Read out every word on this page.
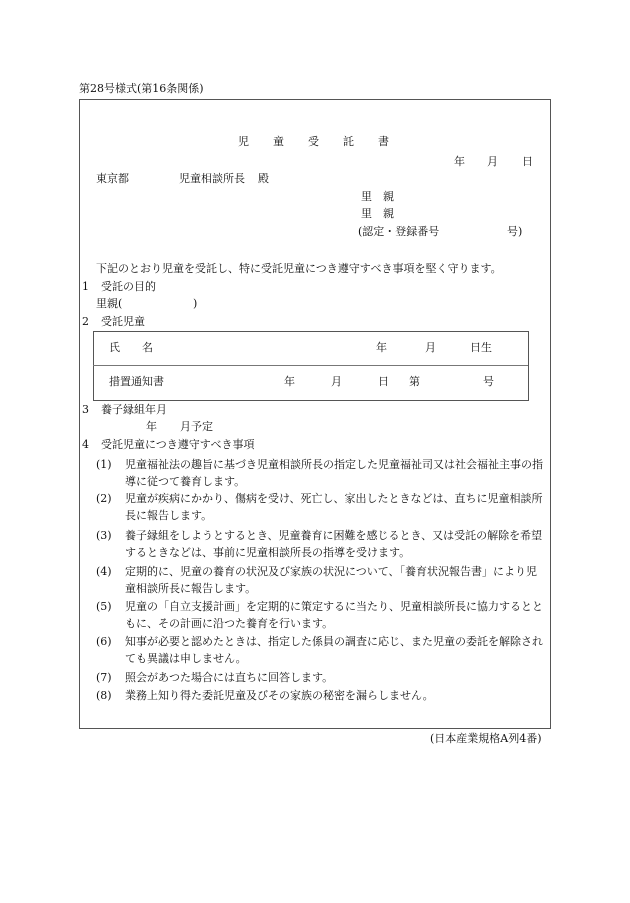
第28号様式(第16条関係)
児 童 受 託 書
年 月 日
東京都	児童相談所長 殿
里　親
里　親
(認定・登録番号	号)
下記のとおり児童を受託し、特に受託児童につき遵守すべき事項を堅く守ります。
1 受託の目的
里親(	)
2 受託児童
氏　　名	年	月	日生
措置通知書	年	月	日 第	号
3 養子縁組年月
年 月予定
4 受託児童につき遵守すべき事項
(1)	児童福祉法の趣旨に基づき児童相談所長の指定した児童福祉司又は社会福祉主事の指導に従つて養育します。
(2)	児童が疾病にかかり、傷病を受け、死亡し、家出したときなどは、直ちに児童相談所長に報告します。
(3)	養子縁組をしようとするとき、児童養育に困難を感じるとき、又は受託の解除を希望するときなどは、事前に児童相談所長の指導を受けます。
(4)	定期的に、児童の養育の状況及び家族の状況について、「養育状況報告書」により児童相談所長に報告します。
(5)	児童の「自立支援計画」を定期的に策定するに当たり、児童相談所長に協力するとともに、その計画に沿つた養育を行います。
(6)	知事が必要と認めたときは、指定した係員の調査に応じ、また児童の委託を解除されても異議は申しません。
(7)	照会があつた場合には直ちに回答します。
(8)	業務上知り得た委託児童及びその家族の秘密を漏らしません。
(日本産業規格A列4番)
